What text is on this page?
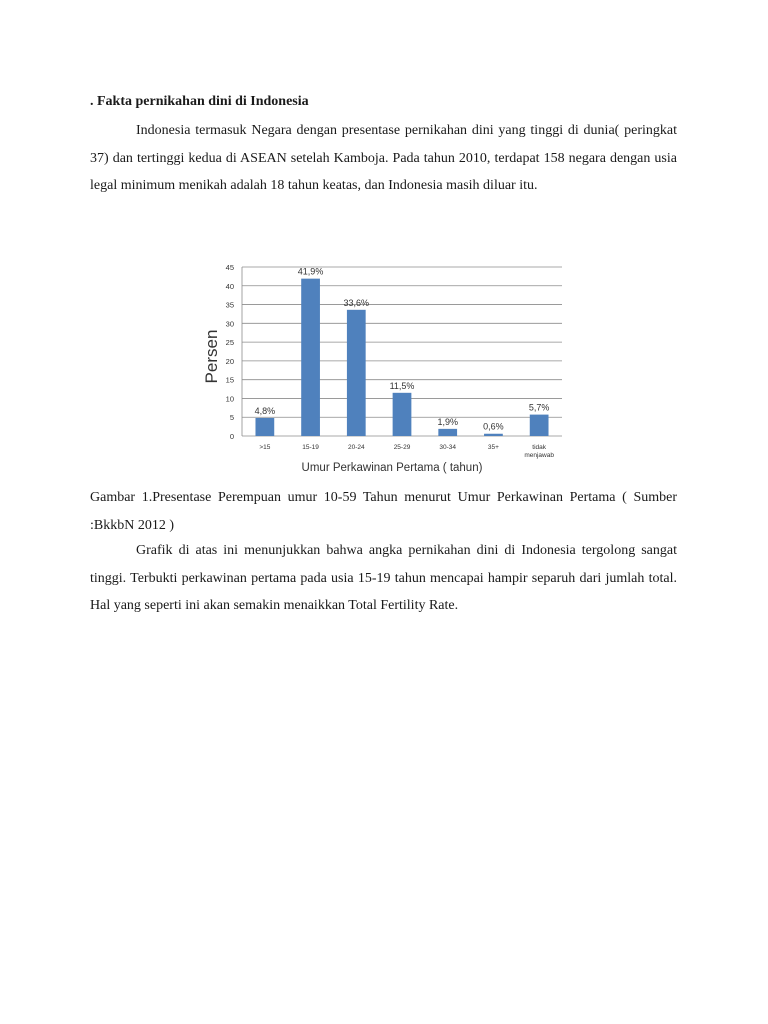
. Fakta pernikahan dini di Indonesia

Indonesia termasuk Negara dengan presentase pernikahan dini yang tinggi di dunia( peringkat 37) dan tertinggi kedua di ASEAN setelah Kamboja. Pada tahun 2010, terdapat 158 negara dengan usia legal minimum menikah adalah 18 tahun keatas, dan Indonesia masih diluar itu.

0
5
10
15
20
25
30
35
40
45
4,8%
>15
41,9%
15-19
33,6%
20-24
11,5%
25-29
1,9%
30-34
0,6%
35+
5,7%
tidak menjawab
Umur Perkawinan Pertama ( tahun)
Persen

Gambar 1.Presentase Perempuan umur 10-59 Tahun menurut Umur Perkawinan Pertama ( Sumber :BkkbN 2012 )

Grafik di atas ini menunjukkan bahwa angka pernikahan dini di Indonesia tergolong sangat tinggi. Terbukti perkawinan pertama pada usia 15-19 tahun mencapai hampir separuh dari jumlah total. Hal yang seperti ini akan semakin menaikkan Total Fertility Rate.
